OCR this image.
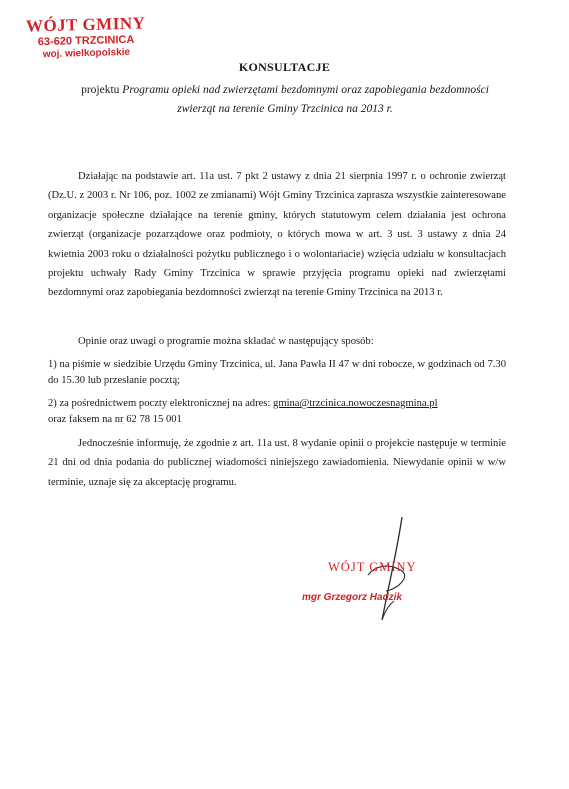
WÓJT GMINY
63-620 TRZCINICA
woj. wielkopolskie
KONSULTACJE
projektu Programu opieki nad zwierzętami bezdomnymi oraz zapobiegania bezdomności
zwierząt na terenie Gminy Trzcinica na 2013 r.
Działając na podstawie art. 11a ust. 7 pkt 2 ustawy z dnia 21 sierpnia 1997 r. o ochronie zwierząt (Dz.U. z 2003 r. Nr 106, poz. 1002 ze zmianami) Wójt Gminy Trzcinica zaprasza wszystkie zainteresowane organizacje społeczne działające na terenie gminy, których statutowym celem działania jest ochrona zwierząt (organizacje pozarządowe oraz podmioty, o których mowa w art. 3 ust. 3 ustawy z dnia 24 kwietnia 2003 roku o działalności pożytku publicznego i o wolontariacie) wzięcia udziału w konsultacjach projektu uchwały Rady Gminy Trzcinica w sprawie przyjęcia programu opieki nad zwierzętami bezdomnymi oraz zapobiegania bezdomności zwierząt na terenie Gminy Trzcinica na 2013 r.
Opinie oraz uwagi o programie można składać w następujący sposób:
1) na piśmie w siedzibie Urzędu Gminy Trzcinica, ul. Jana Pawła II 47 w dni robocze, w godzinach od 7.30 do 15.30 lub przesłanie pocztą;
2) za pośrednictwem poczty elektronicznej na adres: gmina@trzcinica.nowoczesnagmina.pl
oraz faksem na nr 62 78 15 001
Jednocześnie informuję, że zgodnie z art. 11a ust. 8 wydanie opinii o projekcie następuje w terminie 21 dni od dnia podania do publicznej wiadomości niniejszego zawiadomienia. Niewydanie opinii w w/w terminie, uznaje się za akceptację programu.
WÓJT GMINY
mgr Grzegorz Hadzik
